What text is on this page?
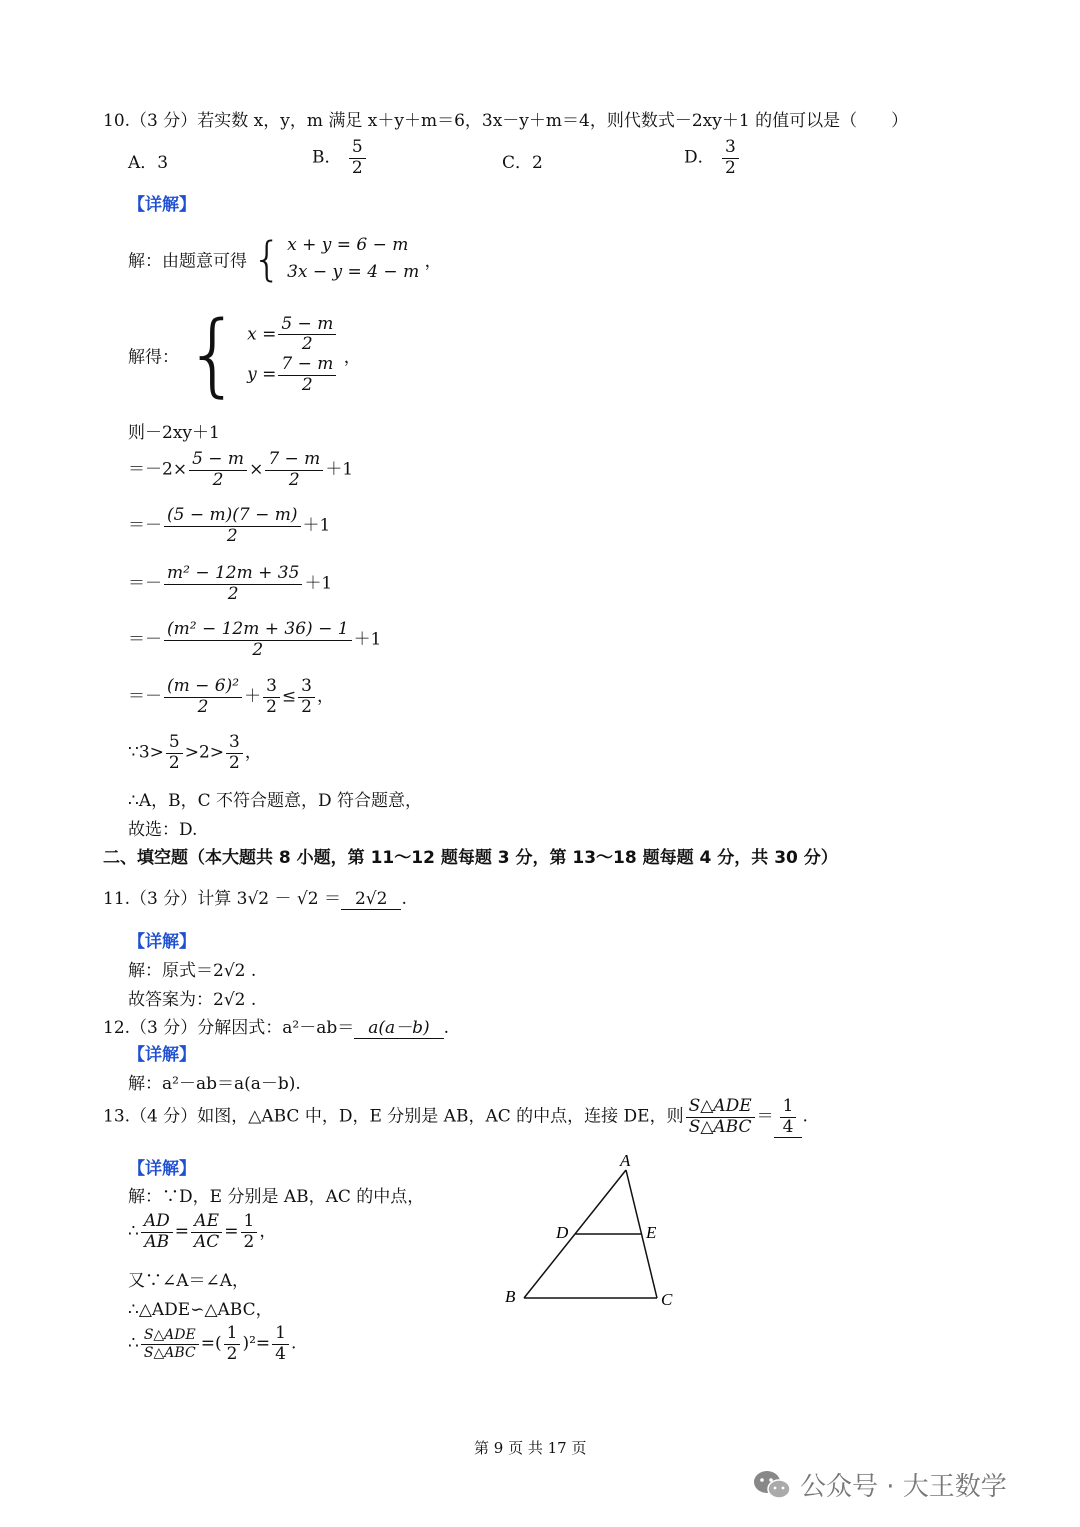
10.（3 分）若实数 x，y，m 满足 x＋y＋m＝6，3x－y＋m＝4，则代数式－2xy＋1 的值可以是（　　）
A．3	B． $\frac{5}{2}$	C．2	D． $\frac{3}{2}$
【详解】
解：由题意可得 { x + y = 6 − m
3x − y = 4 − m
，
解得： { $x = \frac{5 - m}{2}$
$y = \frac{7 - m}{2}$ ，
则－2xy＋1
$=-2\times \frac{5 - m}{2} \times \frac{7 - m}{2} +1$
＝－ $\frac{(5 - m)(7 - m)}{2} +1$
＝－ $\frac{\text{m² − 12m + 35}}{2} +1$
＝－ $\frac{\text{(m² − 12m + 36) − 1}}{2} +1$
＝－ $\frac{\text{(m − 6)²}}{2} + \frac{3}{2} \le \frac{3}{2}$ ，
∵3> $\frac{5}{2} >2> \frac{3}{2}$ ，
∴A，B，C 不符合题意，D 符合题意，
故选：D.
二、填空题（本大题共 8 小题，第 11～12 题每题 3 分，第 13～18 题每题 4 分，共 30 分）
11.（3 分）计算 3√2 － √2 ＝ 2√2 .
【详解】
解：原式＝2√2 .
故答案为：2√2 .
12.（3 分）分解因式：a²－ab＝ a(a－b) .
【详解】
解：a²－ab＝a(a－b).
13.（4 分）如图，△ABC 中，D，E 分别是 AB，AC 的中点，连接 DE，则 $\frac{\text{S△ADE}}{\text{S△ABC}} = \frac{1}{4}$ .
【详解】
解：∵D，E 分别是 AB，AC 的中点，
∴ $\frac{AD}{AB} = \frac{AE}{AC} = \frac{1}{2}$ ，
又∵∠A＝∠A，
∴△ADE∽△ABC，
∴ $\frac{\text{S△ADE}}{\text{S△ABC}}$ =( $\frac{1}{2} )^2= \frac{1}{4}$ .
A
B	C
D	E
第 9 页 共 17 页
公众号 · 大王数学
